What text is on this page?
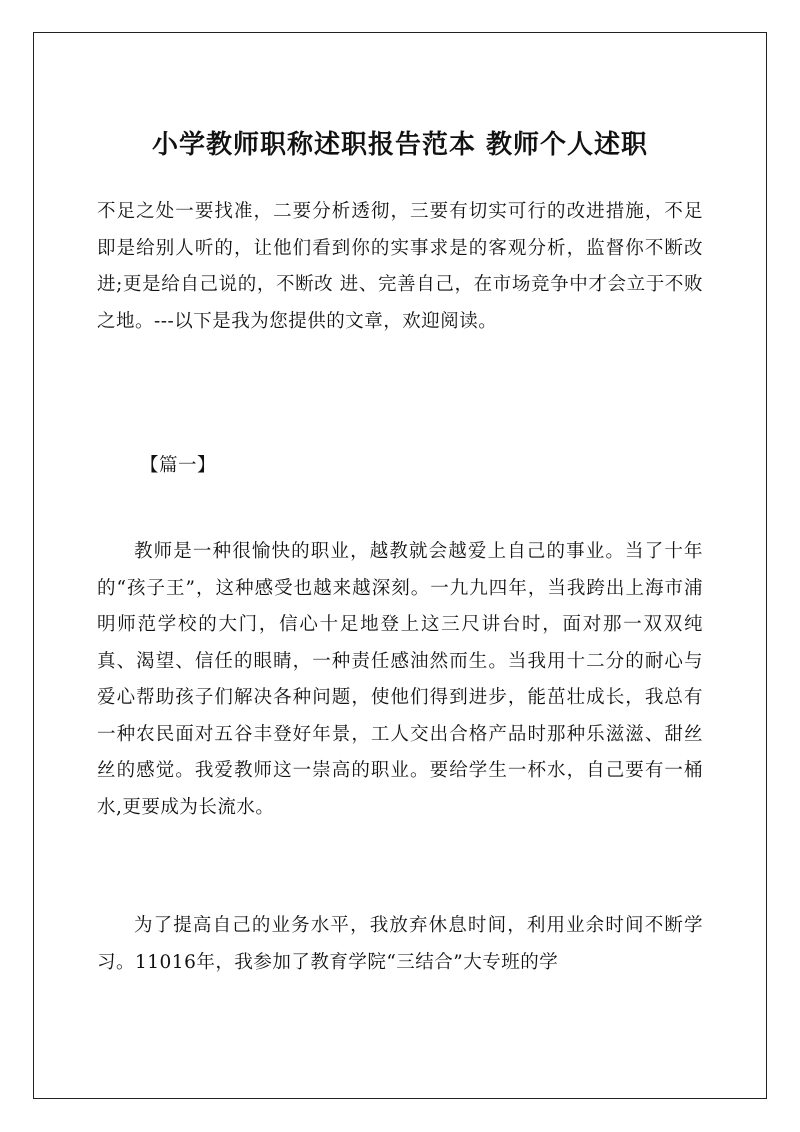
小学教师职称述职报告范本 教师个人述职

不足之处一要找准，二要分析透彻，三要有切实可行的改进措施，不足即是给别人听的，让他们看到你的实事求是的客观分析，监督你不断改进;更是给自己说的，不断改 进、完善自己，在市场竞争中才会立于不败之地。---以下是我为您提供的文章，欢迎阅读。

【篇一】

教师是一种很愉快的职业，越教就会越爱上自己的事业。当了十年的“孩子王”，这种感受也越来越深刻。一九九四年，当我跨出上海市浦明师范学校的大门，信心十足地登上这三尺讲台时，面对那一双双纯真、渴望、信任的眼睛，一种责任感油然而生。当我用十二分的耐心与爱心帮助孩子们解决各种问题，使他们得到进步，能茁壮成长，我总有一种农民面对五谷丰登好年景，工人交出合格产品时那种乐滋滋、甜丝丝的感觉。我爱教师这一崇高的职业。要给学生一杯水，自己要有一桶水,更要成为长流水。

为了提高自己的业务水平，我放弃休息时间，利用业余时间不断学习。11016年，我参加了教育学院“三结合”大专班的学
